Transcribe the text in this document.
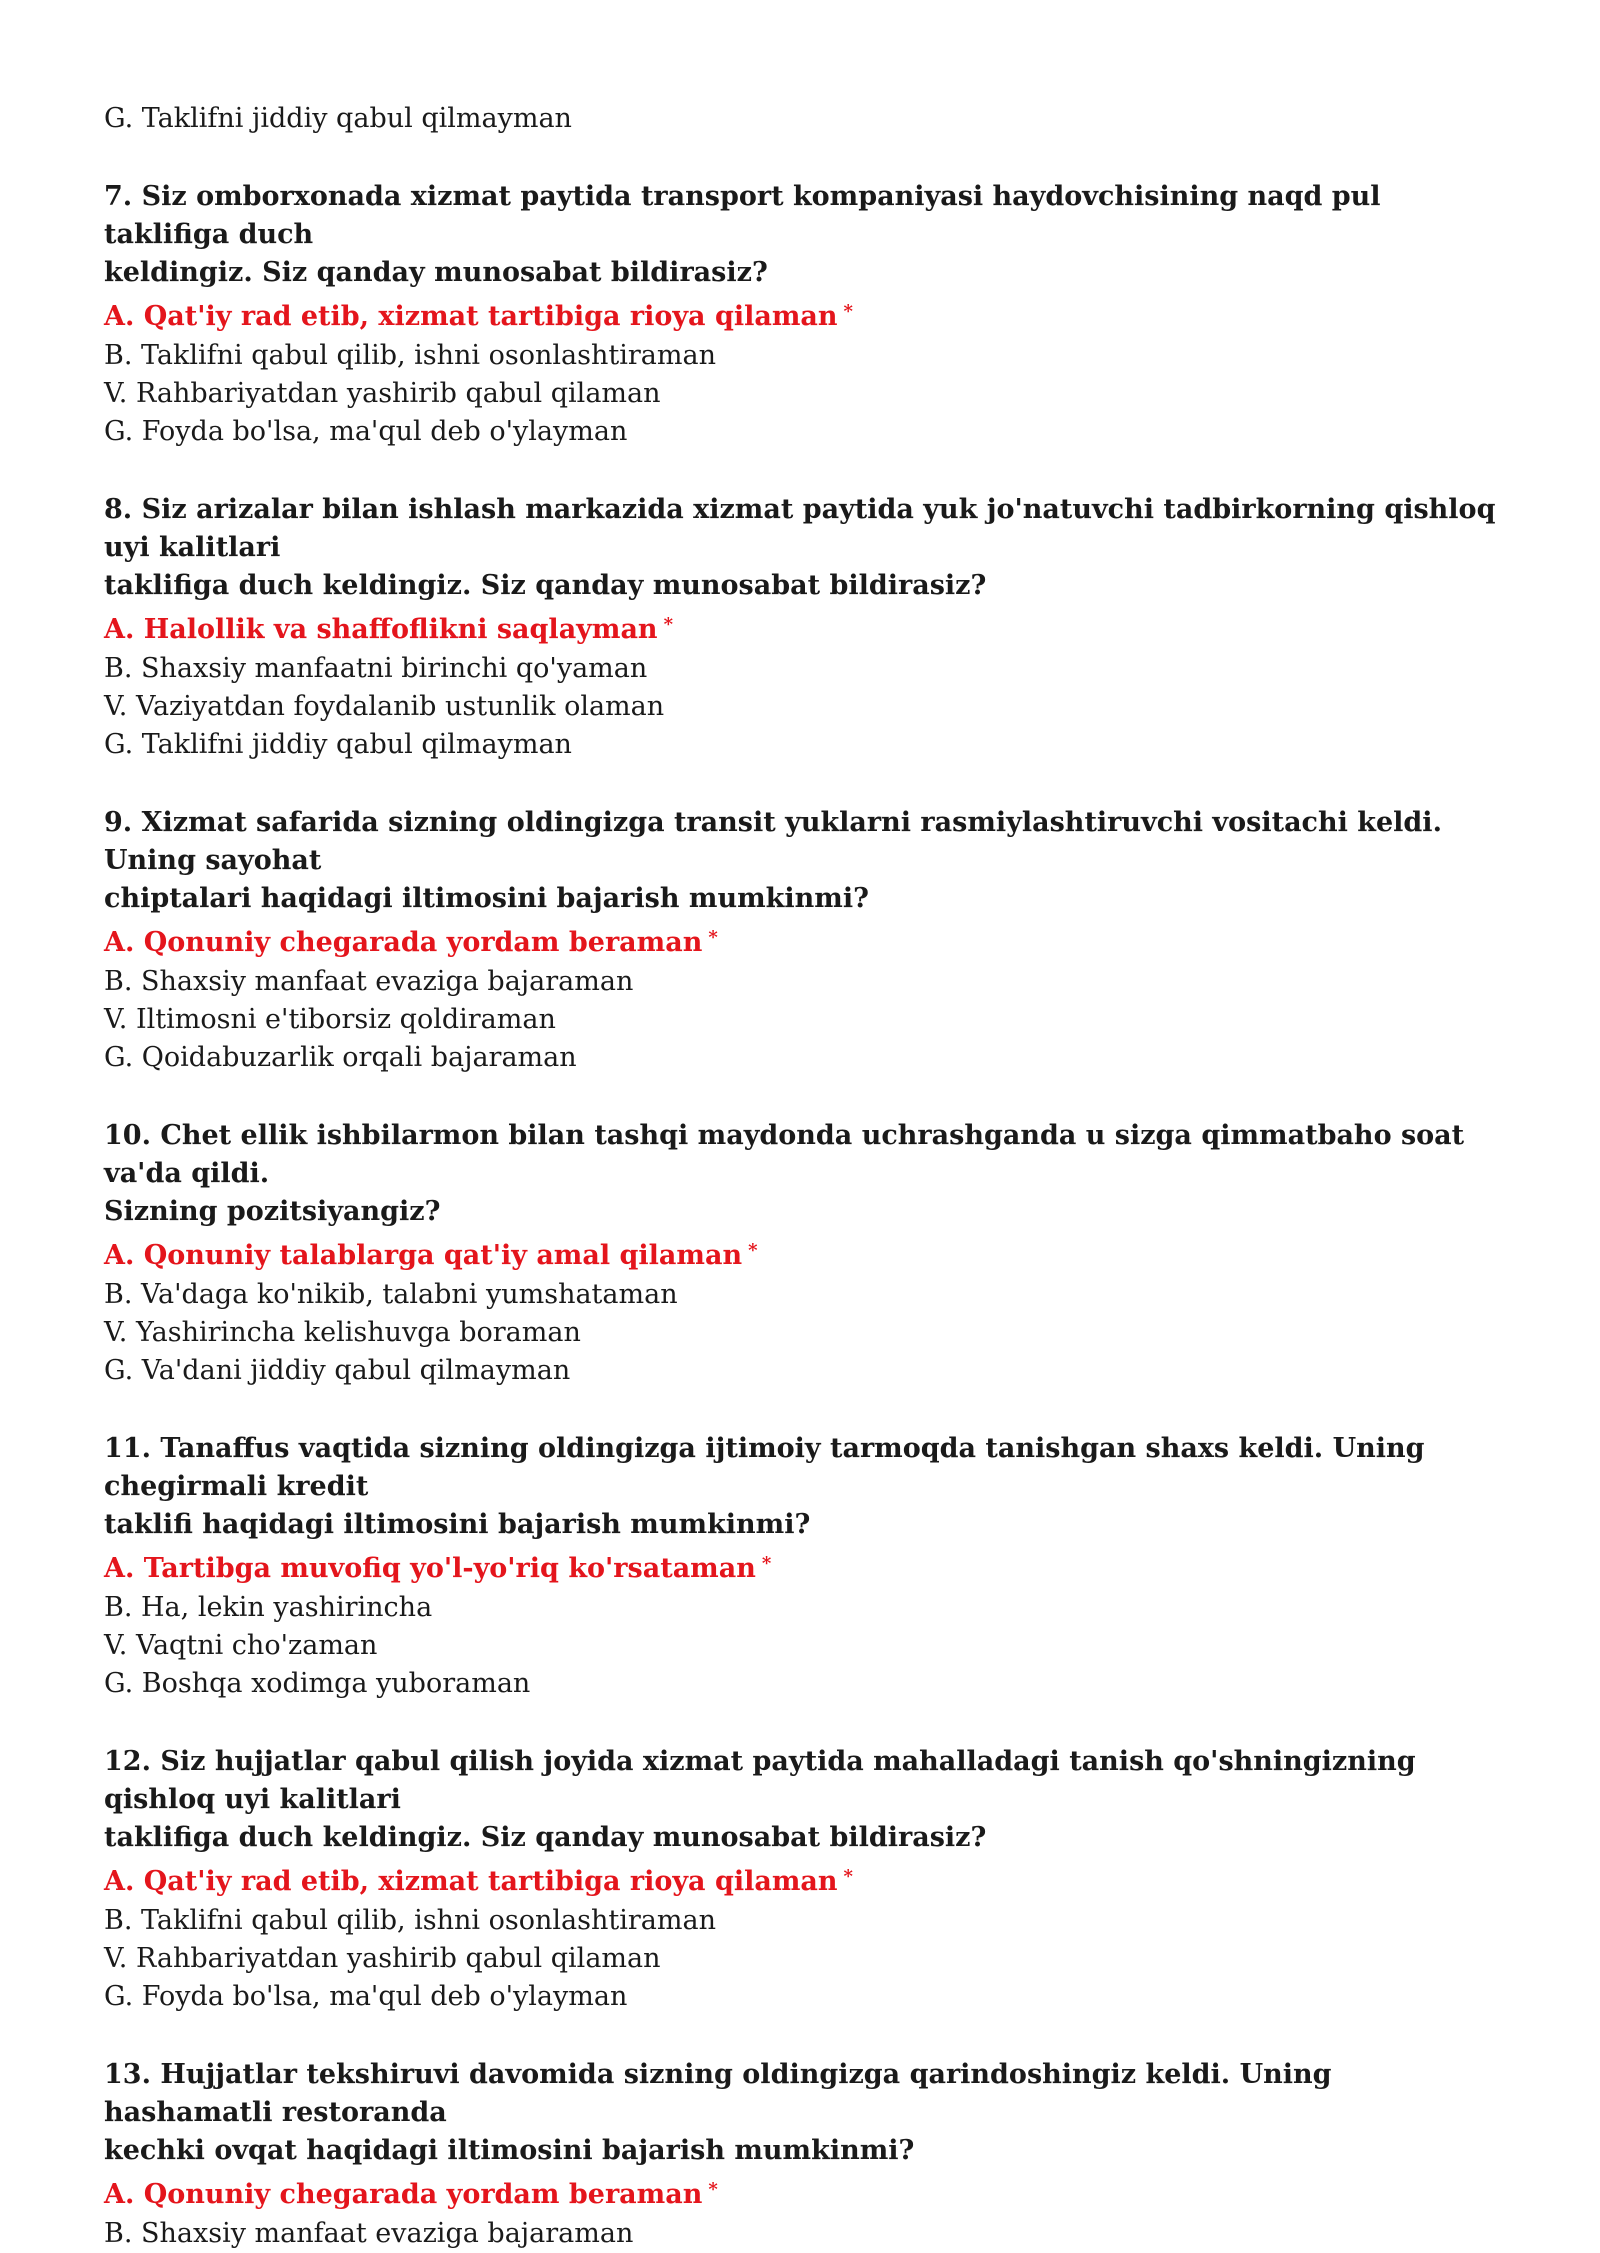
G. Taklifni jiddiy qabul qilmayman
7. Siz omborxonada xizmat paytida transport kompaniyasi haydovchisining naqd pul taklifiga duch
keldingiz. Siz qanday munosabat bildirasiz?
A. Qat'iy rad etib, xizmat tartibiga rioya qilaman *
B. Taklifni qabul qilib, ishni osonlashtiraman
V. Rahbariyatdan yashirib qabul qilaman
G. Foyda bo'lsa, ma'qul deb o'ylayman
8. Siz arizalar bilan ishlash markazida xizmat paytida yuk jo'natuvchi tadbirkorning qishloq uyi kalitlari
taklifiga duch keldingiz. Siz qanday munosabat bildirasiz?
A. Halollik va shaffoflikni saqlayman *
B. Shaxsiy manfaatni birinchi qo'yaman
V. Vaziyatdan foydalanib ustunlik olaman
G. Taklifni jiddiy qabul qilmayman
9. Xizmat safarida sizning oldingizga transit yuklarni rasmiylashtiruvchi vositachi keldi. Uning sayohat
chiptalari haqidagi iltimosini bajarish mumkinmi?
A. Qonuniy chegarada yordam beraman *
B. Shaxsiy manfaat evaziga bajaraman
V. Iltimosni e'tiborsiz qoldiraman
G. Qoidabuzarlik orqali bajaraman
10. Chet ellik ishbilarmon bilan tashqi maydonda uchrashganda u sizga qimmatbaho soat va'da qildi.
Sizning pozitsiyangiz?
A. Qonuniy talablarga qat'iy amal qilaman *
B. Va'daga ko'nikib, talabni yumshataman
V. Yashirincha kelishuvga boraman
G. Va'dani jiddiy qabul qilmayman
11. Tanaffus vaqtida sizning oldingizga ijtimoiy tarmoqda tanishgan shaxs keldi. Uning chegirmali kredit
taklifi haqidagi iltimosini bajarish mumkinmi?
A. Tartibga muvofiq yo'l-yo'riq ko'rsataman *
B. Ha, lekin yashirincha
V. Vaqtni cho'zaman
G. Boshqa xodimga yuboraman
12. Siz hujjatlar qabul qilish joyida xizmat paytida mahalladagi tanish qo'shningizning qishloq uyi kalitlari
taklifiga duch keldingiz. Siz qanday munosabat bildirasiz?
A. Qat'iy rad etib, xizmat tartibiga rioya qilaman *
B. Taklifni qabul qilib, ishni osonlashtiraman
V. Rahbariyatdan yashirib qabul qilaman
G. Foyda bo'lsa, ma'qul deb o'ylayman
13. Hujjatlar tekshiruvi davomida sizning oldingizga qarindoshingiz keldi. Uning hashamatli restoranda
kechki ovqat haqidagi iltimosini bajarish mumkinmi?
A. Qonuniy chegarada yordam beraman *
B. Shaxsiy manfaat evaziga bajaraman
